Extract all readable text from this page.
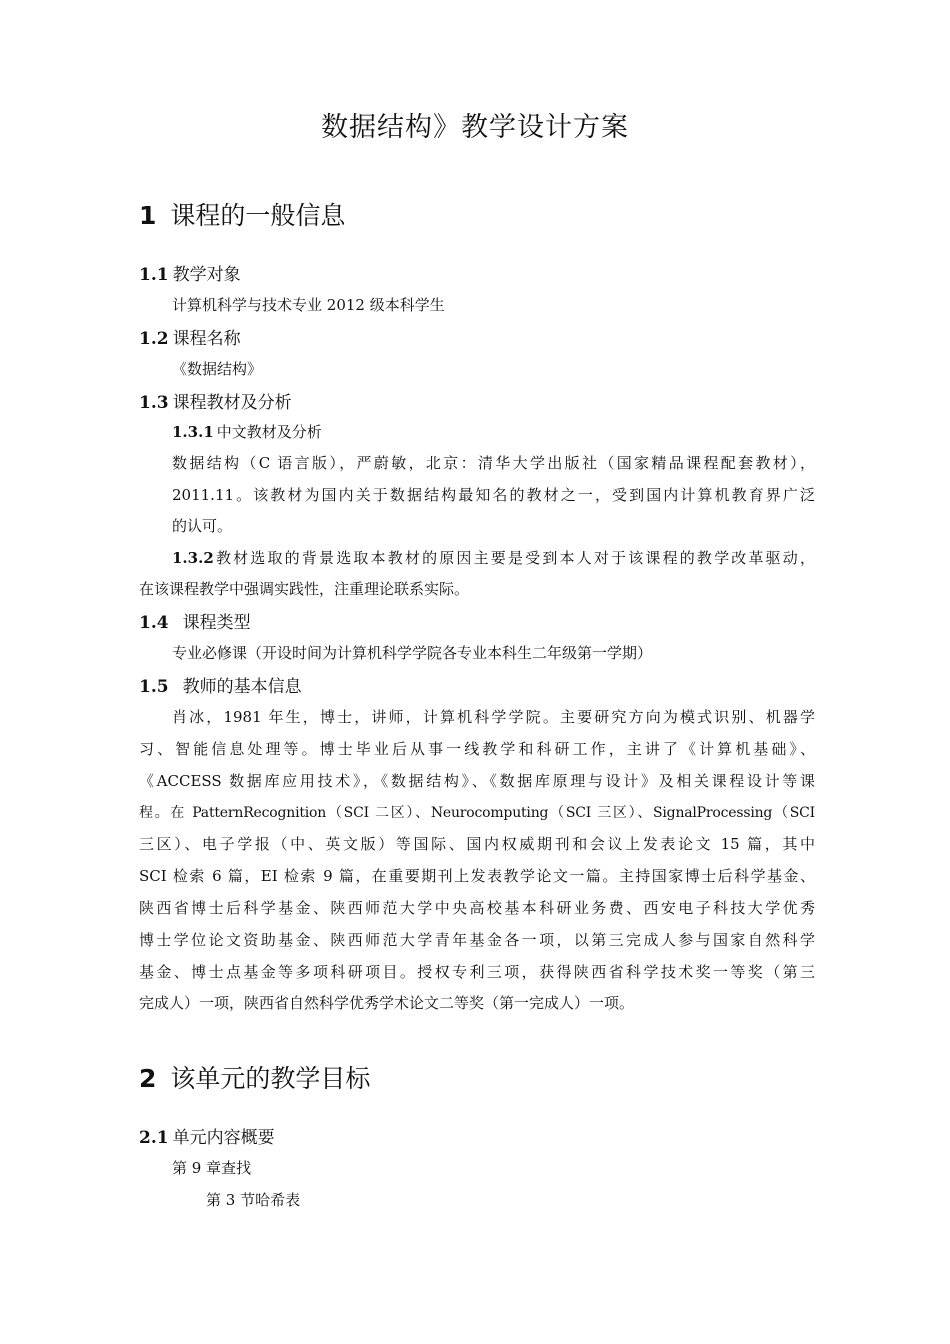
数据结构》教学设计方案
1 课程的一般信息
1.1 教学对象
计算机科学与技术专业 2012 级本科学生
1.2 课程名称
《数据结构》
1.3 课程教材及分析
1.3.1 中文教材及分析
数据结构（C 语言版），严蔚敏，北京：清华大学出版社（国家精品课程配套教材），
2011.11。该教材为国内关于数据结构最知名的教材之一，受到国内计算机教育界广泛
的认可。
1.3.2教材选取的背景选取本教材的原因主要是受到本人对于该课程的教学改革驱动，
在该课程教学中强调实践性，注重理论联系实际。
1.4 课程类型
专业必修课（开设时间为计算机科学学院各专业本科生二年级第一学期）
1.5 教师的基本信息
肖冰，1981 年生，博士，讲师，计算机科学学院。主要研究方向为模式识别、机器学
习、智能信息处理等。博士毕业后从事一线教学和科研工作，主讲了《计算机基础》、
《ACCESS 数据库应用技术》，《数据结构》、《数据库原理与设计》及相关课程设计等课
程。在 PatternRecognition（SCI 二区）、Neurocomputing（SCI 三区）、SignalProcessing（SCI
三区）、电子学报（中、英文版）等国际、国内权威期刊和会议上发表论文 15 篇，其中
SCI 检索 6 篇，EI 检索 9 篇，在重要期刊上发表教学论文一篇。主持国家博士后科学基金、
陕西省博士后科学基金、陕西师范大学中央高校基本科研业务费、西安电子科技大学优秀
博士学位论文资助基金、陕西师范大学青年基金各一项，以第三完成人参与国家自然科学
基金、博士点基金等多项科研项目。授权专利三项，获得陕西省科学技术奖一等奖（第三
完成人）一项，陕西省自然科学优秀学术论文二等奖（第一完成人）一项。
2 该单元的教学目标
2.1 单元内容概要
第 9 章查找
第 3 节哈希表
